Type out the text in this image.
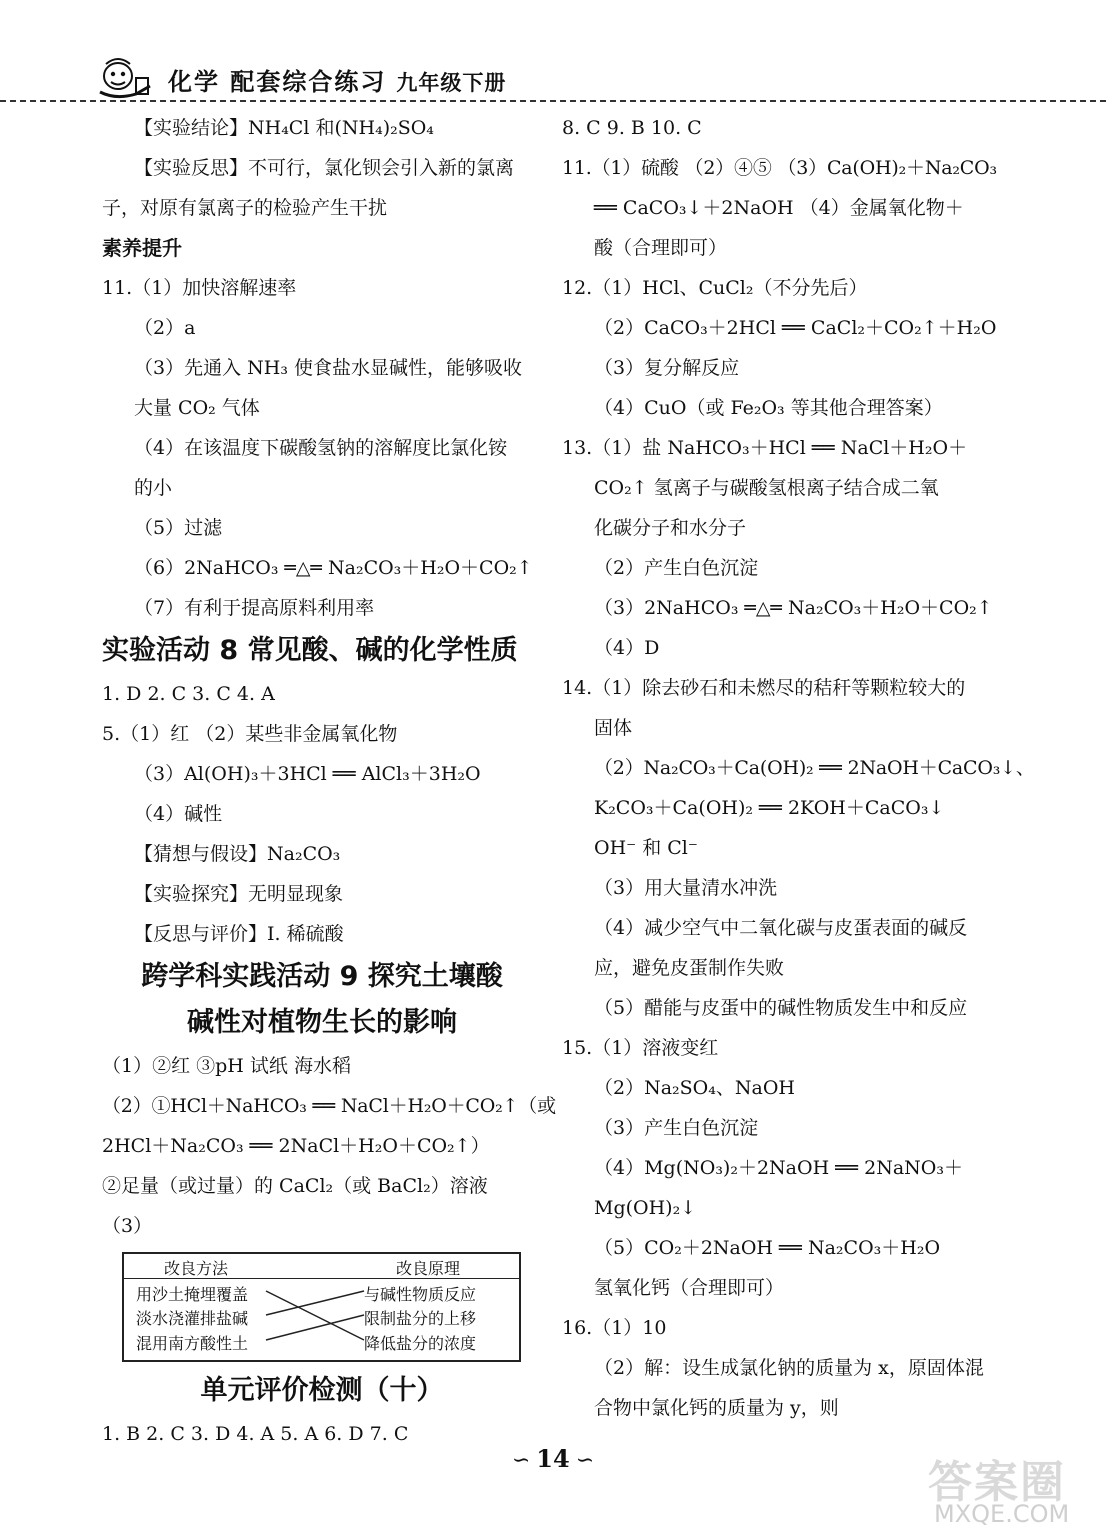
化学 配套综合练习 九年级下册
【实验结论】NH₄Cl 和(NH₄)₂SO₄
【实验反思】不可行，氯化钡会引入新的氯离
子，对原有氯离子的检验产生干扰
素养提升
11.（1）加快溶解速率
（2）a
（3）先通入 NH₃ 使食盐水显碱性，能够吸收
大量 CO₂ 气体
（4）在该温度下碳酸氢钠的溶解度比氯化铵
的小
（5）过滤
（6）2NaHCO₃ ═△═ Na₂CO₃＋H₂O＋CO₂↑
（7）有利于提高原料利用率
实验活动 8 常见酸、碱的化学性质
1. D 2. C 3. C 4. A
5.（1）红 （2）某些非金属氧化物
（3）Al(OH)₃＋3HCl ══ AlCl₃＋3H₂O
（4）碱性
【猜想与假设】Na₂CO₃
【实验探究】无明显现象
【反思与评价】Ⅰ. 稀硫酸
跨学科实践活动 9 探究土壤酸
碱性对植物生长的影响
（1）②红 ③pH 试纸 海水稻
（2）①HCl＋NaHCO₃ ══ NaCl＋H₂O＋CO₂↑（或
2HCl＋Na₂CO₃ ══ 2NaCl＋H₂O＋CO₂↑）
②足量（或过量）的 CaCl₂（或 BaCl₂）溶液
（3）
改良方法	改良原理
用沙土掩埋覆盖
淡水浇灌排盐碱
混用南方酸性土
与碱性物质反应
限制盐分的上移
降低盐分的浓度
单元评价检测（十）
1. B 2. C 3. D 4. A 5. A 6. D 7. C
8. C 9. B 10. C
11.（1）硫酸 （2）④⑤ （3）Ca(OH)₂＋Na₂CO₃
══ CaCO₃↓＋2NaOH （4）金属氧化物＋
酸（合理即可）
12.（1）HCl、CuCl₂（不分先后）
（2）CaCO₃＋2HCl ══ CaCl₂＋CO₂↑＋H₂O
（3）复分解反应
（4）CuO（或 Fe₂O₃ 等其他合理答案）
13.（1）盐 NaHCO₃＋HCl ══ NaCl＋H₂O＋
CO₂↑ 氢离子与碳酸氢根离子结合成二氧
化碳分子和水分子
（2）产生白色沉淀
（3）2NaHCO₃ ═△═ Na₂CO₃＋H₂O＋CO₂↑
（4）D
14.（1）除去砂石和未燃尽的秸秆等颗粒较大的
固体
（2）Na₂CO₃＋Ca(OH)₂ ══ 2NaOH＋CaCO₃↓、
K₂CO₃＋Ca(OH)₂ ══ 2KOH＋CaCO₃↓
OH⁻ 和 Cl⁻
（3）用大量清水冲洗
（4）减少空气中二氧化碳与皮蛋表面的碱反
应，避免皮蛋制作失败
（5）醋能与皮蛋中的碱性物质发生中和反应
15.（1）溶液变红
（2）Na₂SO₄、NaOH
（3）产生白色沉淀
（4）Mg(NO₃)₂＋2NaOH ══ 2NaNO₃＋
Mg(OH)₂↓
（5）CO₂＋2NaOH ══ Na₂CO₃＋H₂O
氢氧化钙（合理即可）
16.（1）10
（2）解：设生成氯化钠的质量为 x，原固体混
合物中氯化钙的质量为 y，则
∽ 14 ∽	答案圈
MXQE.COM
